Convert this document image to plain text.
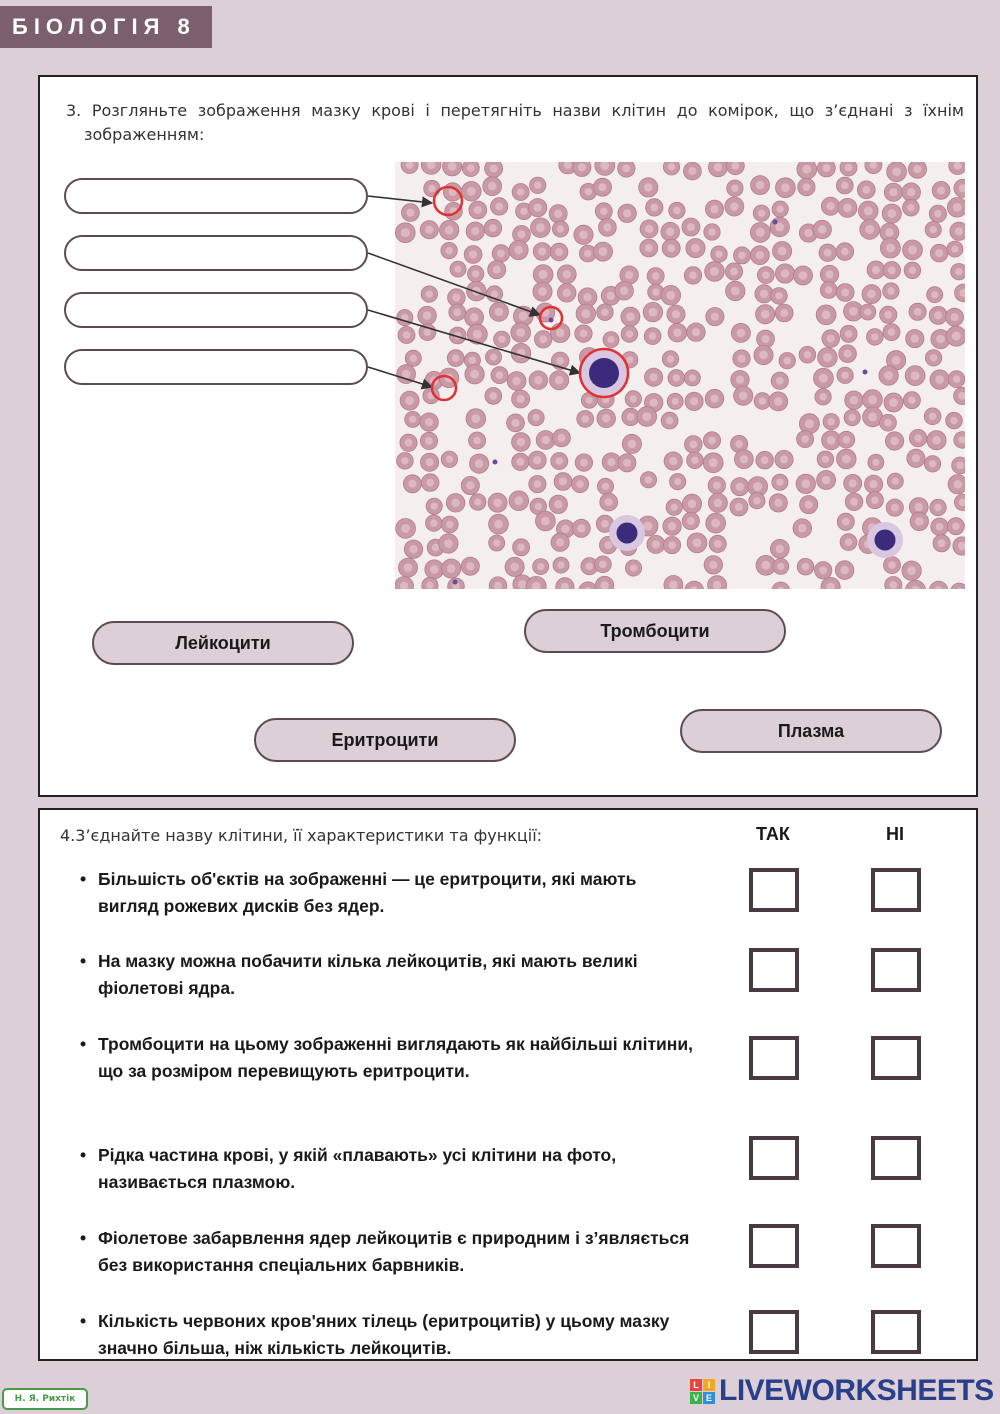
БІОЛОГІЯ 8
3. Розгляньте зображення мазку крові і перетягніть назви клітин до комірок, що з’єднані з їхнім зображенням:
Лейкоцити
Тромбоцити
Еритроцити	Плазма
4.3’єднайте назву клітини, її характеристики та функції:	ТАК	НІ
• Більшість об'єктів на зображенні — це еритроцити, які мають вигляд рожевих дисків без ядер.
• На мазку можна побачити кілька лейкоцитів, які мають великі фіолетові ядра.
• Тромбоцити на цьому зображенні виглядають як найбільші клітини, що за розміром перевищують еритроцити.
• Рідка частина крові, у якій «плавають» усі клітини на фото, називається плазмою.
• Фіолетове забарвлення ядер лейкоцитів є природним і з’являється без використання спеціальних барвників.
• Кількість червоних кров'яних тілець (еритроцитів) у цьому мазку значно більша, ніж кількість лейкоцитів.
Н. Я. Рихтік
L I
V E LIVEWORKSHEETS
